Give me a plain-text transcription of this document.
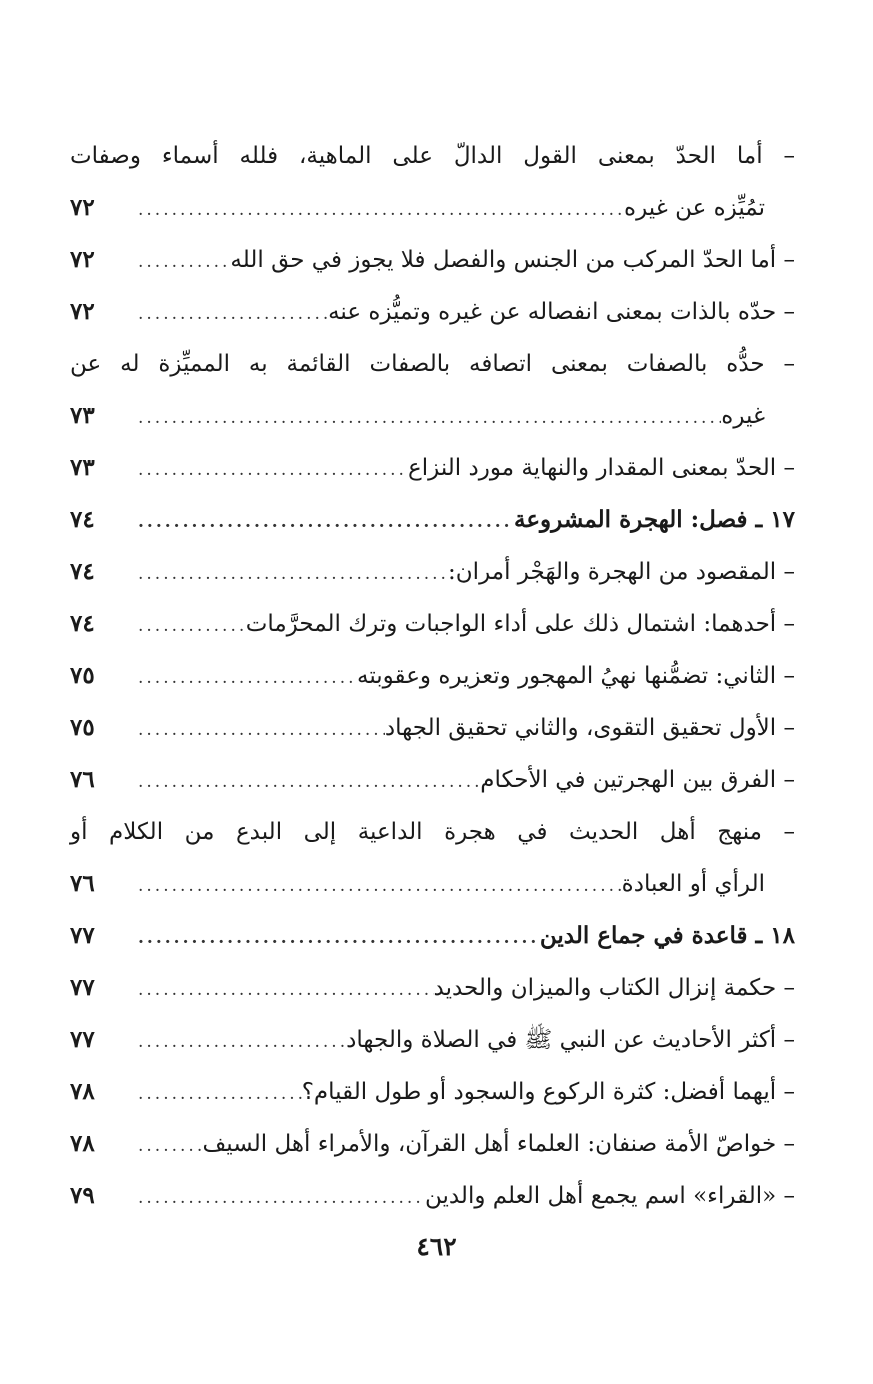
– أما الحدّ بمعنى القول الدالّ على الماهية، فلله أسماء وصفات
تمُيِّزه عن غيره
.....
٧٢
– أما الحدّ المركب من الجنس والفصل فلا يجوز في حق الله
.....
٧٢
– حدّه بالذات بمعنى انفصاله عن غيره وتميُّزه عنه
.....
٧٢
– حدُّه بالصفات بمعنى اتصافه بالصفات القائمة به المميِّزة له عن
غيره
.....
٧٣
– الحدّ بمعنى المقدار والنهاية مورد النزاع
.....
٧٣
١٧ ـ فصل: الهجرة المشروعة
.....
٧٤
– المقصود من الهجرة والهَجْر أمران:
.....
٧٤
– أحدهما: اشتمال ذلك على أداء الواجبات وترك المحرَّمات
.....
٧٤
– الثاني: تضمُّنها نهيُ المهجور وتعزيره وعقوبته
.....
٧٥
– الأول تحقيق التقوى، والثاني تحقيق الجهاد
.....
٧٥
– الفرق بين الهجرتين في الأحكام
.....
٧٦
– منهج أهل الحديث في هجرة الداعية إلى البدع من الكلام أو
الرأي أو العبادة
.....
٧٦
١٨ ـ قاعدة في جماع الدين
.....
٧٧
– حكمة إنزال الكتاب والميزان والحديد
.....
٧٧
– أكثر الأحاديث عن النبي ﷺ في الصلاة والجهاد
.....
٧٧
– أيهما أفضل: كثرة الركوع والسجود أو طول القيام؟
.....
٧٨
– خواصّ الأمة صنفان: العلماء أهل القرآن، والأمراء أهل السيف
.....
٧٨
– «القراء» اسم يجمع أهل العلم والدين
.....
٧٩
٤٦٢
